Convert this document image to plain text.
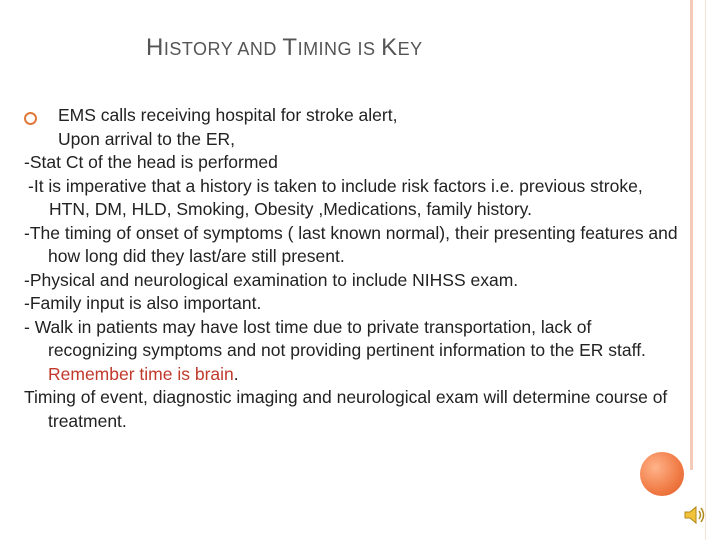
HISTORY AND TIMING IS KEY

EMS calls receiving hospital for stroke alert,

Upon arrival to the ER,

-Stat Ct of the head is performed

-It is imperative that a history is taken to include risk factors i.e. previous stroke, HTN, DM, HLD, Smoking, Obesity ,Medications, family history.

-The timing of onset of symptoms ( last known normal), their presenting features and how long did they last/are still present.

-Physical and neurological examination to include NIHSS exam.

-Family input is also important.

- Walk in patients may have lost time due to private transportation, lack of recognizing symptoms and not providing pertinent information to the ER staff. Remember time is brain.

Timing of event, diagnostic imaging and neurological exam will determine course of treatment.
